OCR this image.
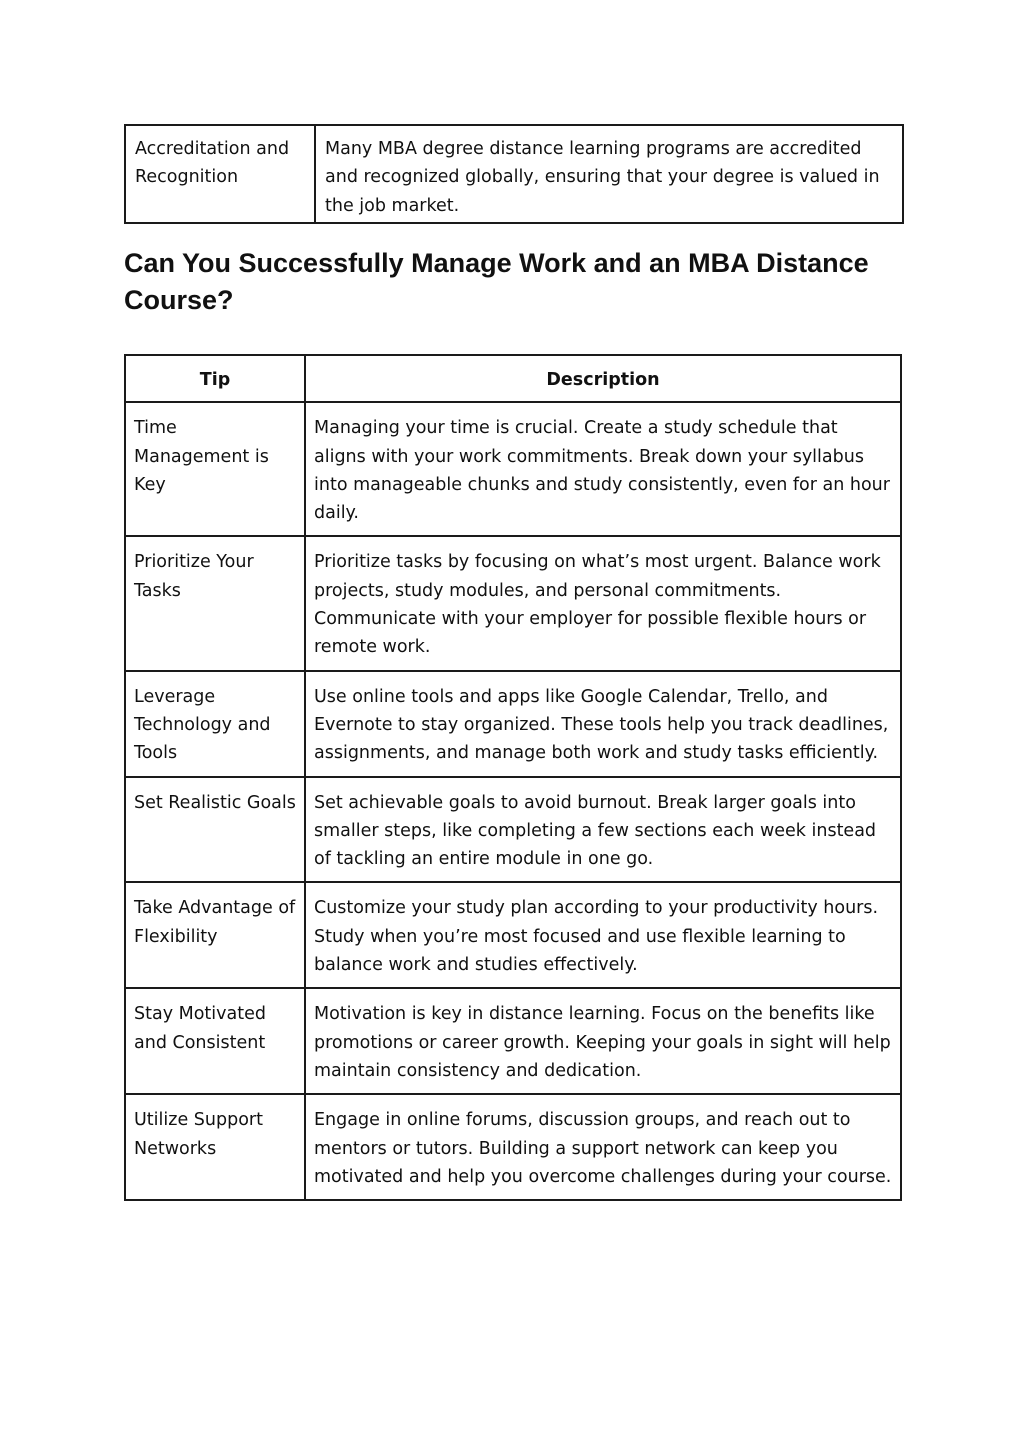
Accreditation and Recognition	Many MBA degree distance learning programs are accredited and recognized globally, ensuring that your degree is valued in the job market.
Can You Successfully Manage Work and an MBA Distance Course?
Tip	Description
Time Management is Key	Managing your time is crucial. Create a study schedule that aligns with your work commitments. Break down your syllabus into manageable chunks and study consistently, even for an hour daily.
Prioritize Your Tasks	Prioritize tasks by focusing on what’s most urgent. Balance work projects, study modules, and personal commitments. Communicate with your employer for possible flexible hours or remote work.
Leverage Technology and Tools	Use online tools and apps like Google Calendar, Trello, and Evernote to stay organized. These tools help you track deadlines, assignments, and manage both work and study tasks efficiently.
Set Realistic Goals	Set achievable goals to avoid burnout. Break larger goals into smaller steps, like completing a few sections each week instead of tackling an entire module in one go.
Take Advantage of Flexibility	Customize your study plan according to your productivity hours. Study when you’re most focused and use flexible learning to balance work and studies effectively.
Stay Motivated and Consistent	Motivation is key in distance learning. Focus on the benefits like promotions or career growth. Keeping your goals in sight will help maintain consistency and dedication.
Utilize Support Networks	Engage in online forums, discussion groups, and reach out to mentors or tutors. Building a support network can keep you motivated and help you overcome challenges during your course.
